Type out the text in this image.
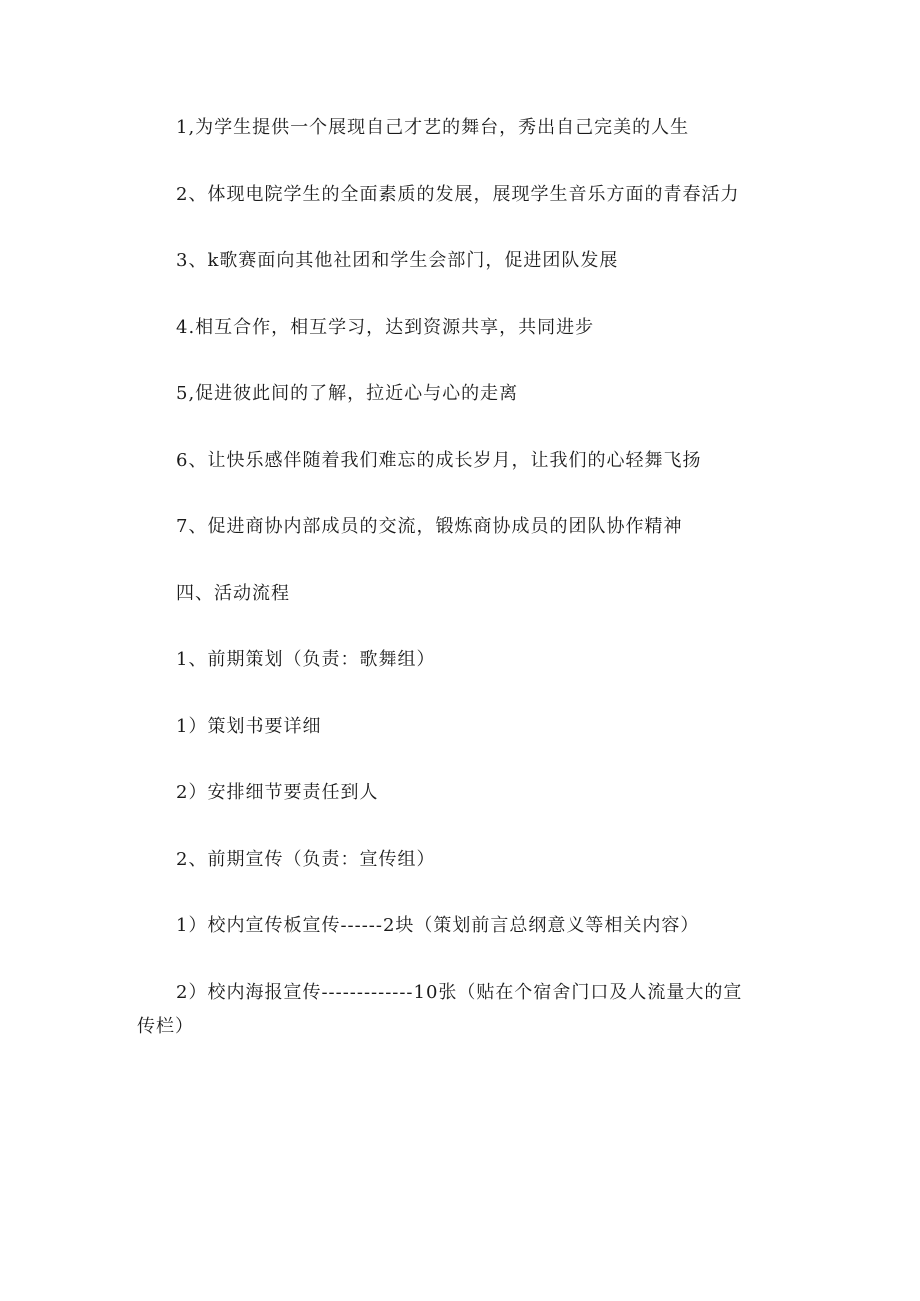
1,为学生提供一个展现自己才艺的舞台，秀出自己完美的人生
2、体现电院学生的全面素质的发展，展现学生音乐方面的青春活力
3、k歌赛面向其他社团和学生会部门，促进团队发展
4.相互合作，相互学习，达到资源共享，共同进步
5,促进彼此间的了解，拉近心与心的走离
6、让快乐感伴随着我们难忘的成长岁月，让我们的心轻舞飞扬
7、促进商协内部成员的交流，锻炼商协成员的团队协作精神
四、活动流程
1、前期策划（负责：歌舞组）
1）策划书要详细
2）安排细节要责任到人
2、前期宣传（负责：宣传组）
1）校内宣传板宣传------2块（策划前言总纲意义等相关内容）
2）校内海报宣传-------------10张（贴在个宿舍门口及人流量大的宣传栏）
